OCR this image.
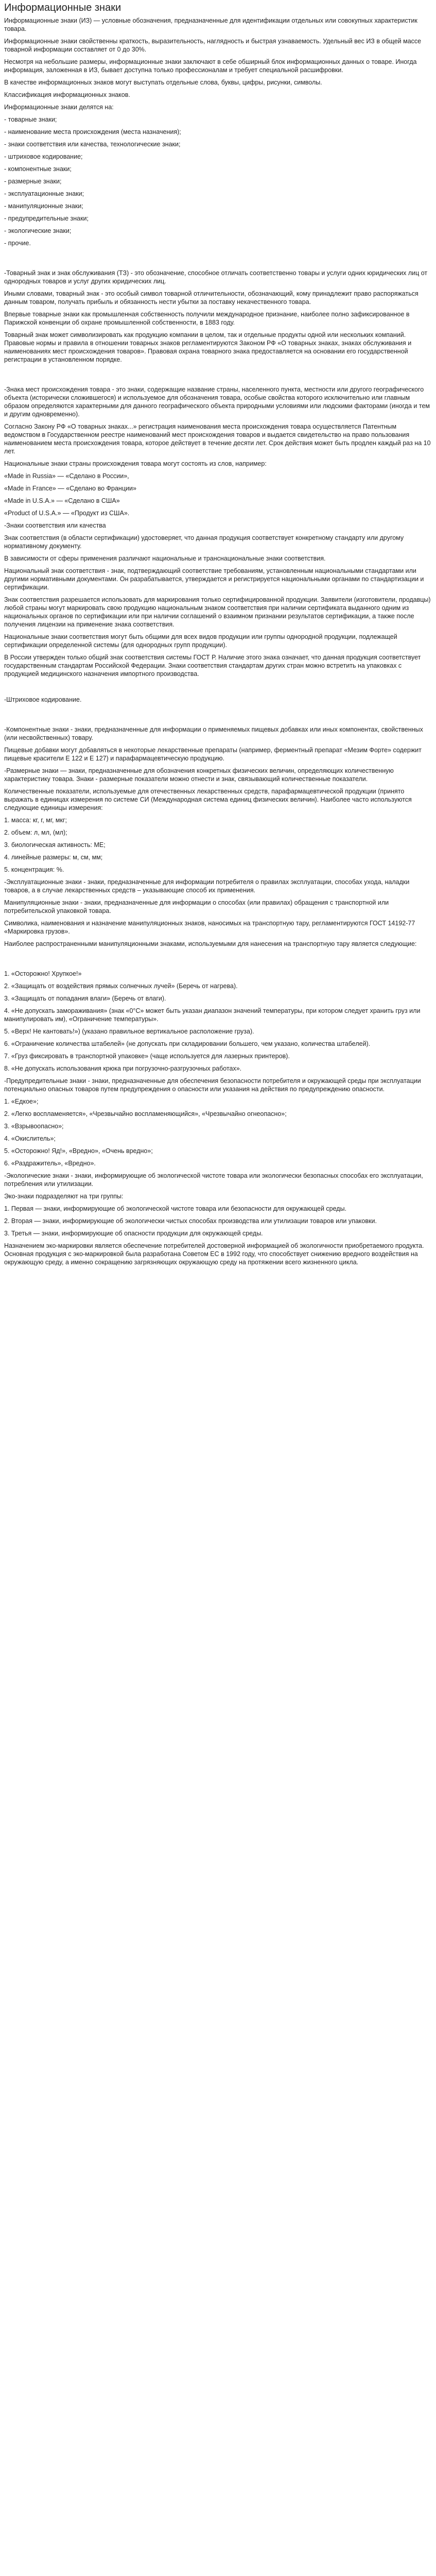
Информационные знаки

Информационные знаки (ИЗ) — условные обозначения, предназначенные для идентификации отдельных или совокупных характеристик товара.

Информационные знаки свойственны краткость, выразительность, наглядность и быстрая узнаваемость. Удельный вес ИЗ в общей массе товарной информации составляет от 0 до 30%.

Несмотря на небольшие размеры, информационные знаки заключают в себе обширный блок информационных данных о товаре. Иногда информация, заложенная в ИЗ, бывает доступна только профессионалам и требует специальной расшифровки.

В качестве информационных знаков могут выступать отдельные слова, буквы, цифры, рисунки, символы.

Классификация информационных знаков.

Информационные знаки делятся на:

- товарные знаки;

- наименование места происхождения (места назначения);

- знаки соответствия или качества, технологические знаки;

- штриховое кодирование;

- компонентные знаки;

- размерные знаки;

- эксплуатационные знаки;

- манипуляционные знаки;

- предупредительные знаки;

- экологические знаки;

- прочие.

-Товарный знак и знак обслуживания (ТЗ) - это обозначение, способное отличать соответственно товары и услуги одних юридических лиц от однородных товаров и услуг других юридических лиц.

Иными словами, товарный знак - это особый символ товарной отличительности, обозначающий, кому принадлежит право распоряжаться данным товаром, получать прибыль и обязанность нести убытки за поставку некачественного товара.

Впервые товарные знаки как промышленная собственность получили международное признание, наиболее полно зафиксированное в Парижской конвенции об охране промышленной собственности, в 1883 году.

Товарный знак может символизировать как продукцию компании в целом, так и отдельные продукты одной или нескольких компаний. Правовые нормы и правила в отношении товарных знаков регламентируются Законом РФ «О товарных знаках, знаках обслуживания и наименованиях мест происхождения товаров». Правовая охрана товарного знака предоставляется на основании его государственной регистрации в установленном порядке.

-Знака мест происхождения товара - это знаки, содержащие название страны, населенного пункта, местности или другого географического объекта (исторически сложившегося) и используемое для обозначения товара, особые свойства которого исключительно или главным образом определяются характерными для данного географического объекта природными условиями или людскими факторами (иногда и тем и другим одновременно).

Согласно Закону РФ «О товарных знаках...» регистрация наименования места происхождения товара осуществляется Патентным ведомством в Государственном реестре наименований мест происхождения товаров и выдается свидетельство на право пользования наименованием места происхождения товара, которое действует в течение десяти лет. Срок действия может быть продлен каждый раз на 10 лет.

Национальные знаки страны происхождения товара могут состоять из слов, например:

«Made in Russia» — «Сделано в России»,

«Made in France» — «Сделано во Франции»

«Made in U.S.A.» — «Сделано в США»

«Product of U.S.A.» — «Продукт из США».

-Знаки соответствия или качества

Знак соответствия (в области сертификации) удостоверяет, что данная продукция соответствует конкретному стандарту или другому нормативному документу.

В зависимости от сферы применения различают национальные и транснациональные знаки соответствия.

Национальный знак соответствия - знак, подтверждающий соответствие требованиям, установленным национальными стандартами или другими нормативными документами. Он разрабатывается, утверждается и регистрируется национальными органами по стандартизации и сертификации.

Знак соответствия разрешается использовать для маркирования только сертифицированной продукции. Заявители (изготовители, продавцы) любой страны могут маркировать свою продукцию национальным знаком соответствия при наличии сертификата выданного одним из национальных органов по сертификации или при наличии соглашений о взаимном признании результатов сертификации, а также после получения лицензии на применение знака соответствия.

Национальные знаки соответствия могут быть общими для всех видов продукции или группы однородной продукции, подлежащей сертификации определенной системы (для однородных групп продукции).

В России утвержден только общий знак соответствия системы ГОСТ Р. Наличие этого знака означает, что данная продукция соответствует государственным стандартам Российской Федерации. Знаки соответствия стандартам других стран можно встретить на упаковках с продукцией медицинского назначения импортного производства.

-Штриховое кодирование.

-Компонентные знаки - знаки, предназначенные для информации о применяемых пищевых добавках или иных компонентах, свойственных (или несвойственных) товару.

Пищевые добавки могут добавляться в некоторые лекарственные препараты (например, ферментный препарат «Мезим Форте» содержит пищевые красители Е 122 и Е 127) и парафармацевтическую продукцию.

-Размерные знаки — знаки, предназначенные для обозначения конкретных физических величин, определяющих количественную характеристику товара. Знаки - размерные показатели можно отнести и знак, связывающий количественные показатели.

Количественные показатели, используемые для отечественных лекарственных средств, парафармацевтической продукции (принято выражать в единицах измерения по системе СИ (Международная система единиц физических величин). Наиболее часто используются следующие единицы измерения:

1. масса: кг, г, мг, мкг;

2. объем: л, мл, (мл);

3. биологическая активность: МЕ;

4. линейные размеры: м, см, мм;

5. концентрация: %.

-Эксплуатационные знаки - знаки, предназначенные для информации потребителя о правилах эксплуатации, способах ухода, наладки товаров, а в случае лекарственных средств – указывающие способ их применения.

Манипуляционные знаки - знаки, предназначенные для информации о способах (или правилах) обращения с транспортной или потребительской упаковкой товара.

Символика, наименования и назначение манипуляционных знаков, наносимых на транспортную тару, регламентируются ГОСТ 14192-77 «Маркировка грузов».

Наиболее распространенными манипуляционными знаками, используемыми для нанесения на транспортную тару является следующие:

1. «Осторожно! Хрупкое!»

2. «Защищать от воздействия прямых солнечных лучей» (Беречь от нагрева).

3. «Защищать от попадания влаги» (Беречь от влаги).

4. «Не допускать замораживания» (знак «0°С» может быть указан диапазон значений температуры, при котором следует хранить груз или манипулировать им), «Ограничение температуры».

5. «Верх! Не кантовать!») (указано правильное вертикальное расположение груза).

6. «Ограничение количества штабелей» (не допускать при складировании большего, чем указано, количества штабелей).

7. «Груз фиксировать в транспортной упаковке» (чаще используется для лазерных принтеров).

8. «Не допускать использования крюка при погрузочно-разгрузочных работах».

-Предупредительные знаки - знаки, предназначенные для обеспечения безопасности потребителя и окружающей среды при эксплуатации потенциально опасных товаров путем предупреждения о опасности или указания на действия по предупреждению опасности.

1. «Едкое»;

2. «Легко воспламеняется», «Чрезвычайно воспламеняющийся», «Чрезвычайно огнеопасно»;

3. «Взрывоопасно»;

4. «Окислитель»;

5. «Осторожно! Яд!», «Вредно», «Очень вредно»;

6. «Раздражитель», «Вредно».

-Экологические знаки - знаки, информирующие об экологической чистоте товара или экологически безопасных способах его эксплуатации, потребления или утилизации.

Эко-знаки подразделяют на три группы:

1. Первая — знаки, информирующие об экологической чистоте товара или безопасности для окружающей среды.

2. Вторая — знаки, информирующие об экологически чистых способах производства или утилизации товаров или упаковки.

3. Третья — знаки, информирующие об опасности продукции для окружающей среды.

Назначением эко-маркировки является обеспечение потребителей достоверной информацией об экологичности приобретаемого продукта. Основная продукция с эко-маркировкой была разработана Советом ЕС в 1992 году, что способствует снижению вредного воздействия на окружающую среду, а именно сокращению загрязняющих окружающую среду на протяжении всего жизненного цикла.
